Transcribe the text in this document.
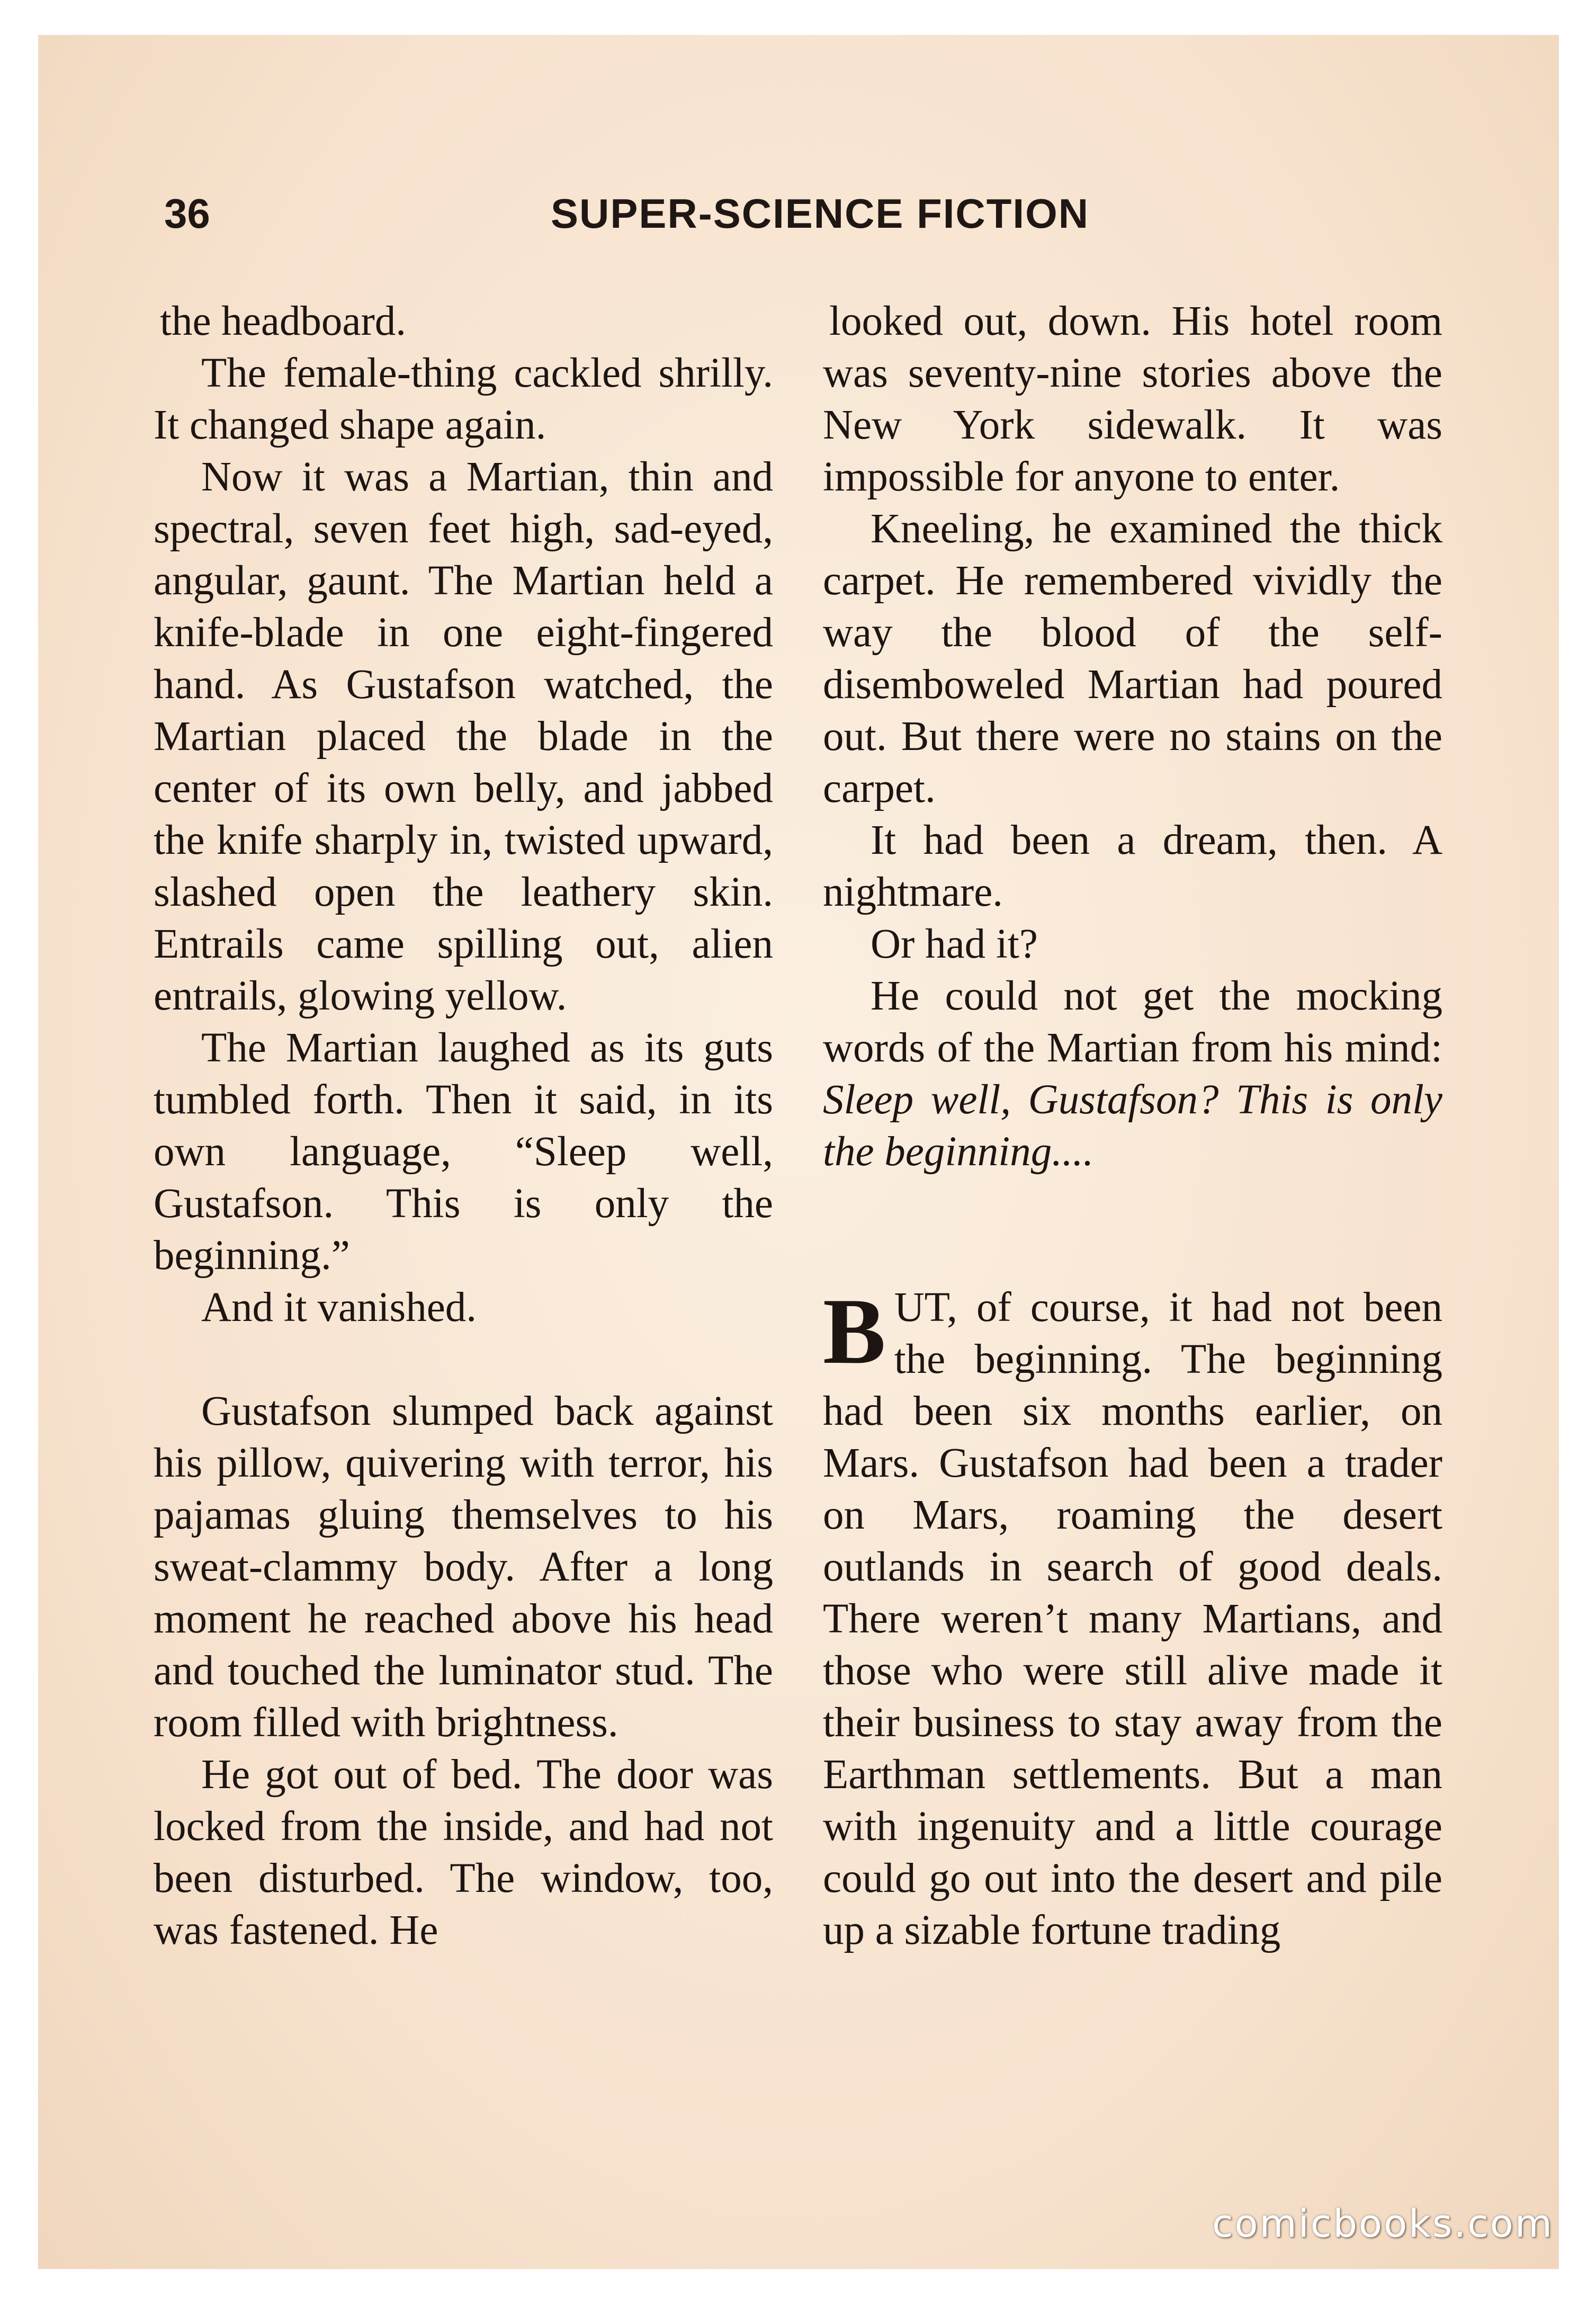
36	SUPER-SCIENCE FICTION

the headboard.

The female-thing cackled shrilly. It changed shape again.

Now it was a Martian, thin and spectral, seven feet high, sad-eyed, angular, gaunt. The Martian held a knife-blade in one eight-fingered hand. As Gustafson watched, the Martian placed the blade in the center of its own belly, and jabbed the knife sharply in, twisted upward, slashed open the leathery skin. Entrails came spilling out, alien entrails, glowing yellow.

The Martian laughed as its guts tumbled forth. Then it said, in its own language, “Sleep well, Gustafson. This is only the beginning.”

And it vanished.

Gustafson slumped back against his pillow, quivering with terror, his pajamas gluing themselves to his sweat-clammy body. After a long moment he reached above his head and touched the luminator stud. The room filled with brightness.

He got out of bed. The door was locked from the inside, and had not been disturbed. The window, too, was fastened. He

looked out, down. His hotel room was seventy-nine stories above the New York sidewalk. It was impossible for anyone to enter.

Kneeling, he examined the thick carpet. He remembered vividly the way the blood of the self-disemboweled Martian had poured out. But there were no stains on the carpet.

It had been a dream, then. A nightmare.

Or had it?

He could not get the mocking words of the Martian from his mind: Sleep well, Gustafson? This is only the beginning....

BUT, of course, it had not been the beginning. The beginning had been six months earlier, on Mars. Gustafson had been a trader on Mars, roaming the desert outlands in search of good deals. There weren’t many Martians, and those who were still alive made it their business to stay away from the Earthman settlements. But a man with ingenuity and a little courage could go out into the desert and pile up a sizable fortune trading

comicbooks.com
